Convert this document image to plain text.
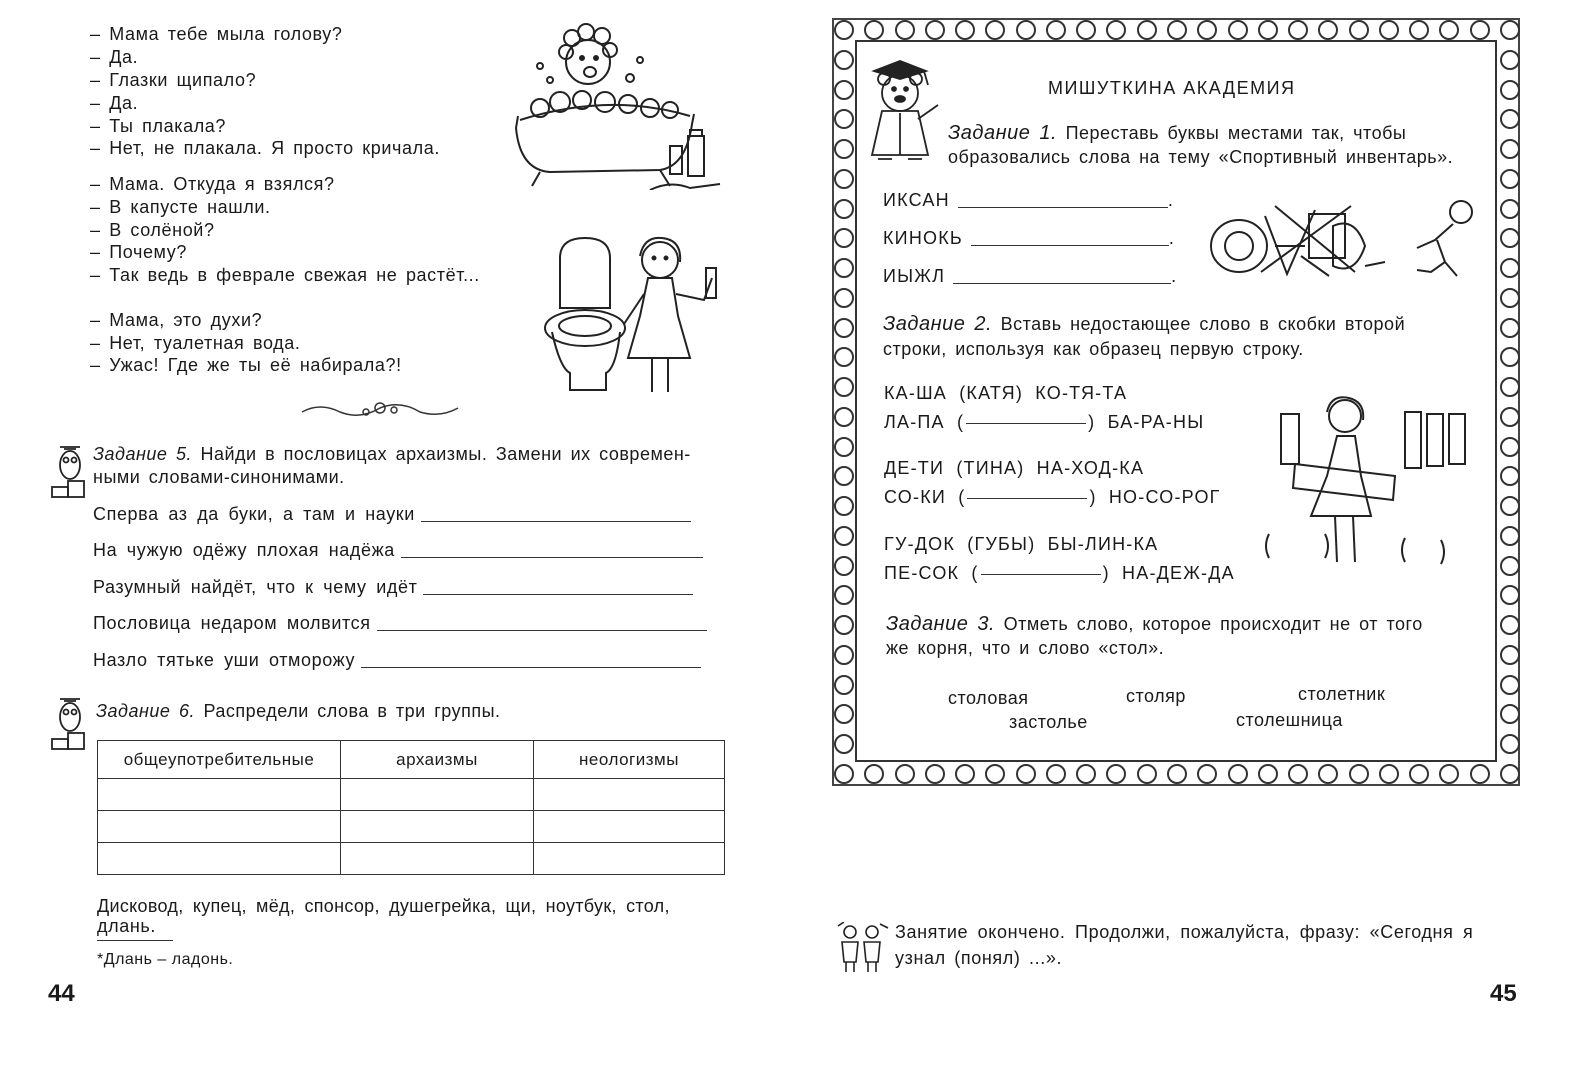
– Мама тебе мыла голову?
– Да.
– Глазки щипало?
– Да.
– Ты плакала?
– Нет, не плакала. Я просто кричала.
– Мама. Откуда я взялся?
– В капусте нашли.
– В солёной?
– Почему?
– Так ведь в феврале свежая не растёт...
– Мама, это духи?
– Нет, туалетная вода.
– Ужас! Где же ты её набирала?!
Задание 5. Найди в пословицах архаизмы. Замени их современ-
ными словами-синонимами.
Сперва аз да буки, а там и науки
На чужую одёжу плохая надёжа
Разумный найдёт, что к чему идёт
Пословица недаром молвится
Назло тятьке уши отморожу
Задание 6. Распредели слова в три группы.
общеупотребительные	архаизмы	неологизмы

Дисковод, купец, мёд, спонсор, душегрейка, щи, ноутбук, стол,
длань.
*Длань – ладонь.
44
МИШУТКИНА АКАДЕМИЯ
Задание 1. Переставь буквы местами так, чтобы
образовались слова на тему «Спортивный инвентарь».
ИКСАН	.
КИНОКЬ	.
ИЫЖЛ	.
Задание 2. Вставь недостающее слово в скобки второй
строки, используя как образец первую строку.
КА-ША (КАТЯ) КО-ТЯ-ТА
ЛА-ПА (	) БА-РА-НЫ
ДЕ-ТИ (ТИНА) НА-ХОД-КА
СО-КИ (	) НО-СО-РОГ
ГУ-ДОК (ГУБЫ) БЫ-ЛИН-КА
ПЕ-СОК (	) НА-ДЕЖ-ДА
Задание 3. Отметь слово, которое происходит не от того
же корня, что и слово «стол».
столовая	столяр	столетник
застолье	столешница
Занятие окончено. Продолжи, пожалуйста, фразу: «Сегодня я
узнал (понял) ...».
45
